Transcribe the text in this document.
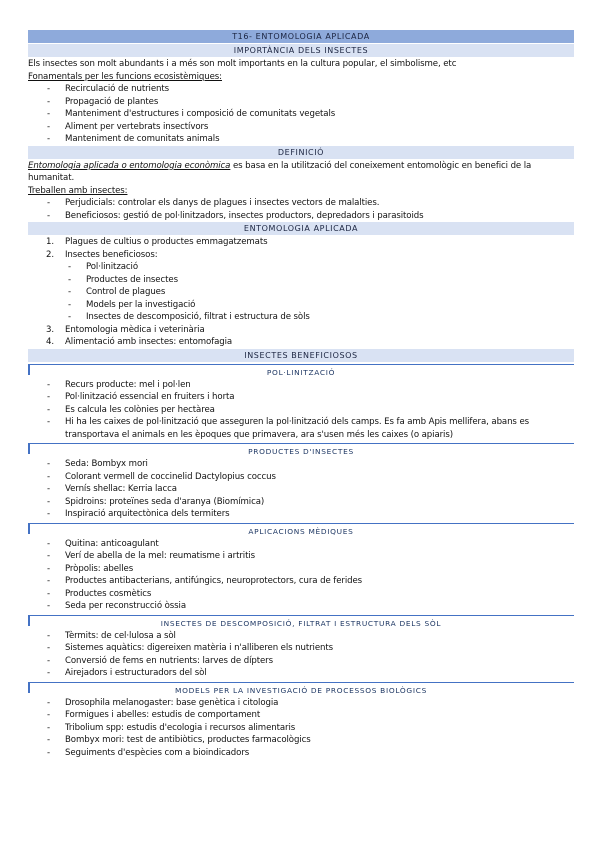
T16- ENTOMOLOGIA APLICADA
IMPORTÀNCIA DELS INSECTES

Els insectes son molt abundants i a més son molt importants en la cultura popular, el simbolisme, etc

Fonamentals per les funcions ecosistèmiques:

- Recirculació de nutrients
- Propagació de plantes
- Manteniment d'estructures i composició de comunitats vegetals
- Aliment per vertebrats insectívors
- Manteniment de comunitats animals
DEFINICIÓ

Entomologia aplicada o entomologia econòmica es basa en la utilització del coneixement entomològic en benefici de la humanitat.

Treballen amb insectes:

- Perjudicials: controlar els danys de plagues i insectes vectors de malalties.
- Beneficiosos: gestió de pol·linitzadors, insectes productors, depredadors i parasitoids
ENTOMOLOGIA APLICADA
1. Plagues de cultius o productes emmagatzemats
2. Insectes beneficiosos:
- Pol·linització
- Productes de insectes
- Control de plagues
- Models per la investigació
- Insectes de descomposició, filtrat i estructura de sòls
3. Entomologia mèdica i veterinària
4. Alimentació amb insectes: entomofagia
INSECTES BENEFICIOSOS
POL·LINITZACIÓ
- Recurs producte: mel i pol·len
- Pol·linització essencial en fruiters i horta
- Es calcula les colònies per hectàrea
- Hi ha les caixes de pol·linització que asseguren la pol·linització dels camps. Es fa amb Apis mellifera, abans es transportava el animals en les èpoques que primavera, ara s'usen més les caixes (o apiaris)
PRODUCTES D'INSECTES
- Seda: Bombyx mori
- Colorant vermell de coccinelid Dactylopius coccus
- Vernís shellac: Kerria lacca
- Spidroins: proteïnes seda d'aranya (Biomímica)
- Inspiració arquitectònica dels termiters
APLICACIONS MÈDIQUES
- Quitina: anticoagulant
- Verí de abella de la mel: reumatisme i artritis
- Pròpolis: abelles
- Productes antibacterians, antifúngics, neuroprotectors, cura de ferides
- Productes cosmètics
- Seda per reconstrucció òssia
INSECTES DE DESCOMPOSICIÓ, FILTRAT I ESTRUCTURA DELS SÒL
- Tèrmits: de cel·lulosa a sòl
- Sistemes aquàtics: digereixen matèria i n'alliberen els nutrients
- Conversió de fems en nutrients: larves de dípters
- Airejadors i estructuradors del sòl
MODELS PER LA INVESTIGACIÓ DE PROCESSOS BIOLÒGICS
- Drosophila melanogaster: base genètica i citologia
- Formigues i abelles: estudis de comportament
- Tribolium spp: estudis d'ecologia i recursos alimentaris
- Bombyx mori: test de antibiòtics, productes farmacològics
- Seguiments d'espècies com a bioindicadors
